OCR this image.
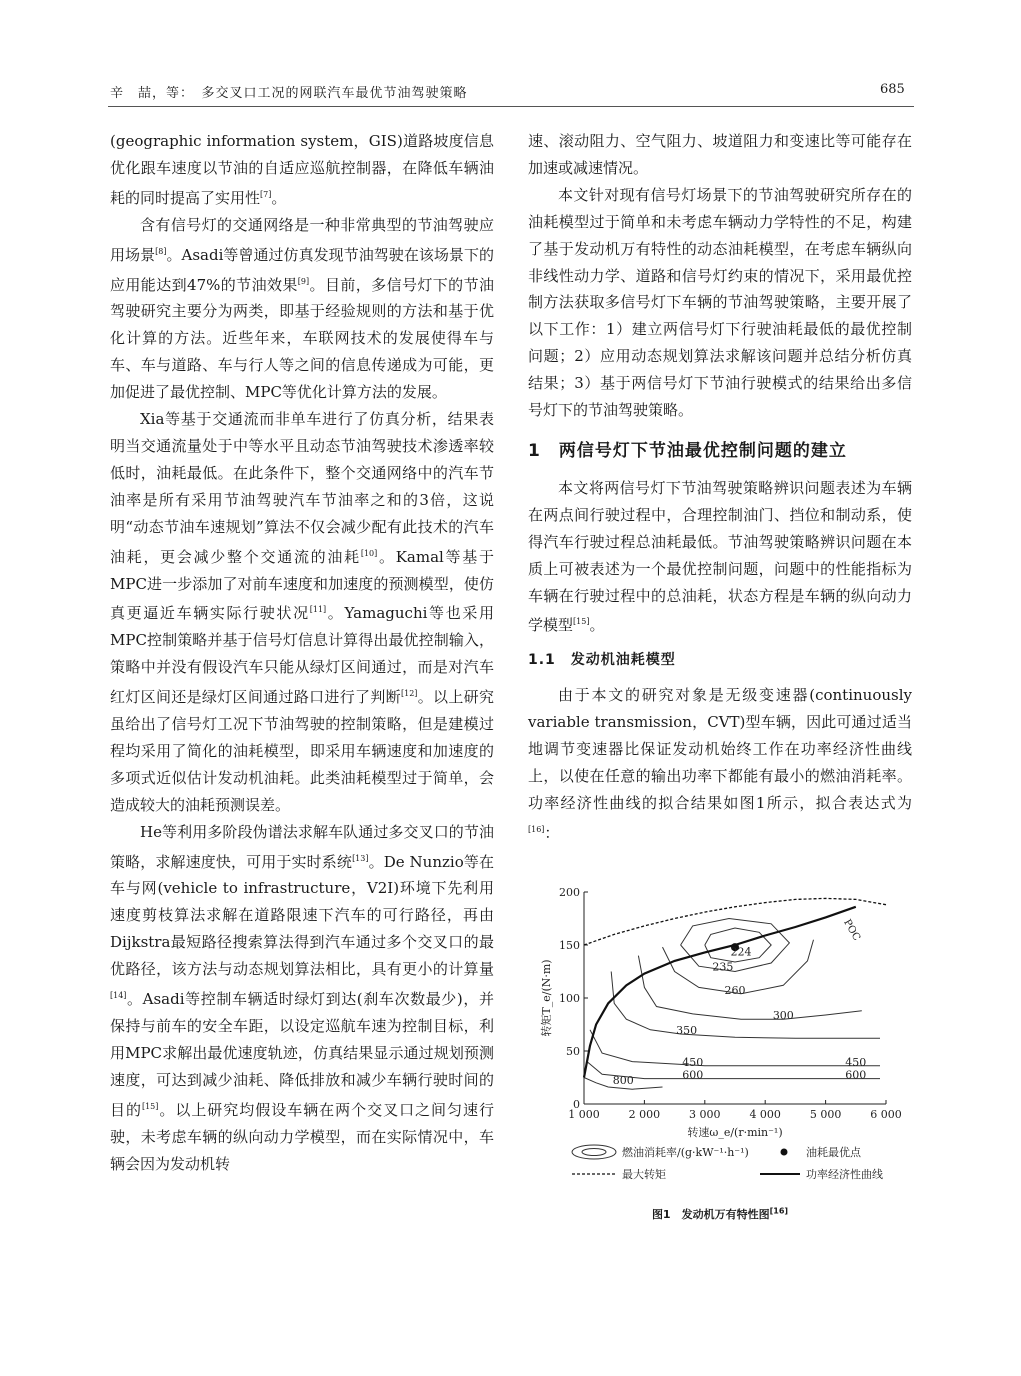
辛　喆，等：　多交叉口工况的网联汽车最优节油驾驶策略	685

(geographic information system，GIS)道路坡度信息优化跟车速度以节油的自适应巡航控制器，在降低车辆油耗的同时提高了实用性[7]。

含有信号灯的交通网络是一种非常典型的节油驾驶应用场景[8]。Asadi等曾通过仿真发现节油驾驶在该场景下的应用能达到47%的节油效果[9]。目前，多信号灯下的节油驾驶研究主要分为两类，即基于经验规则的方法和基于优化计算的方法。近些年来，车联网技术的发展使得车与车、车与道路、车与行人等之间的信息传递成为可能，更加促进了最优控制、MPC等优化计算方法的发展。

Xia等基于交通流而非单车进行了仿真分析，结果表明当交通流量处于中等水平且动态节油驾驶技术渗透率较低时，油耗最低。在此条件下，整个交通网络中的汽车节油率是所有采用节油驾驶汽车节油率之和的3倍，这说明“动态节油车速规划”算法不仅会减少配有此技术的汽车油耗，更会减少整个交通流的油耗[10]。Kamal等基于MPC进一步添加了对前车速度和加速度的预测模型，使仿真更逼近车辆实际行驶状况[11]。Yamaguchi等也采用MPC控制策略并基于信号灯信息计算得出最优控制输入，策略中并没有假设汽车只能从绿灯区间通过，而是对汽车红灯区间还是绿灯区间通过路口进行了判断[12]。以上研究虽给出了信号灯工况下节油驾驶的控制策略，但是建模过程均采用了简化的油耗模型，即采用车辆速度和加速度的多项式近似估计发动机油耗。此类油耗模型过于简单，会造成较大的油耗预测误差。

He等利用多阶段伪谱法求解车队通过多交叉口的节油策略，求解速度快，可用于实时系统[13]。De Nunzio等在车与网(vehicle to infrastructure，V2I)环境下先利用速度剪枝算法求解在道路限速下汽车的可行路径，再由Dijkstra最短路径搜索算法得到汽车通过多个交叉口的最优路径，该方法与动态规划算法相比，具有更小的计算量[14]。Asadi等控制车辆适时绿灯到达(刹车次数最少)，并保持与前车的安全车距，以设定巡航车速为控制目标，利用MPC求解出最优速度轨迹，仿真结果显示通过规划预测速度，可达到减少油耗、降低排放和减少车辆行驶时间的目的[15]。以上研究均假设车辆在两个交叉口之间匀速行驶，未考虑车辆的纵向动力学模型，而在实际情况中，车辆会因为发动机转

速、滚动阻力、空气阻力、坡道阻力和变速比等可能存在加速或减速情况。

本文针对现有信号灯场景下的节油驾驶研究所存在的油耗模型过于简单和未考虑车辆动力学特性的不足，构建了基于发动机万有特性的动态油耗模型，在考虑车辆纵向非线性动力学、道路和信号灯约束的情况下，采用最优控制方法获取多信号灯下车辆的节油驾驶策略，主要开展了以下工作：1）建立两信号灯下行驶油耗最低的最优控制问题；2）应用动态规划算法求解该问题并总结分析仿真结果；3）基于两信号灯下节油行驶模式的结果给出多信号灯下的节油驾驶策略。

1　两信号灯下节油最优控制问题的建立

本文将两信号灯下节油驾驶策略辨识问题表述为车辆在两点间行驶过程中，合理控制油门、挡位和制动系，使得汽车行驶过程总油耗最低。节油驾驶策略辨识问题在本质上可被表述为一个最优控制问题，问题中的性能指标为车辆在行驶过程中的总油耗，状态方程是车辆的纵向动力学模型[15]。

1.1　发动机油耗模型

由于本文的研究对象是无级变速器(continuously variable transmission，CVT)型车辆，因此可通过适当地调节变速器比保证发动机始终工作在功率经济性曲线上，以使在任意的输出功率下都能有最小的燃油消耗率。功率经济性曲线的拟合结果如图1所示，拟合表达式为[16]：

1 000	2 000	3 000	4 000	5 000	6 000
0
50
100
150
200
转速ω_e/(r·min⁻¹)
转矩T_e/(N·m)
224
235
260
300
350
450
600
800
450
600
POC
燃油消耗率/(g·kW⁻¹·h⁻¹)	油耗最优点
最大转矩	功率经济性曲线
图1　发动机万有特性图[16]
